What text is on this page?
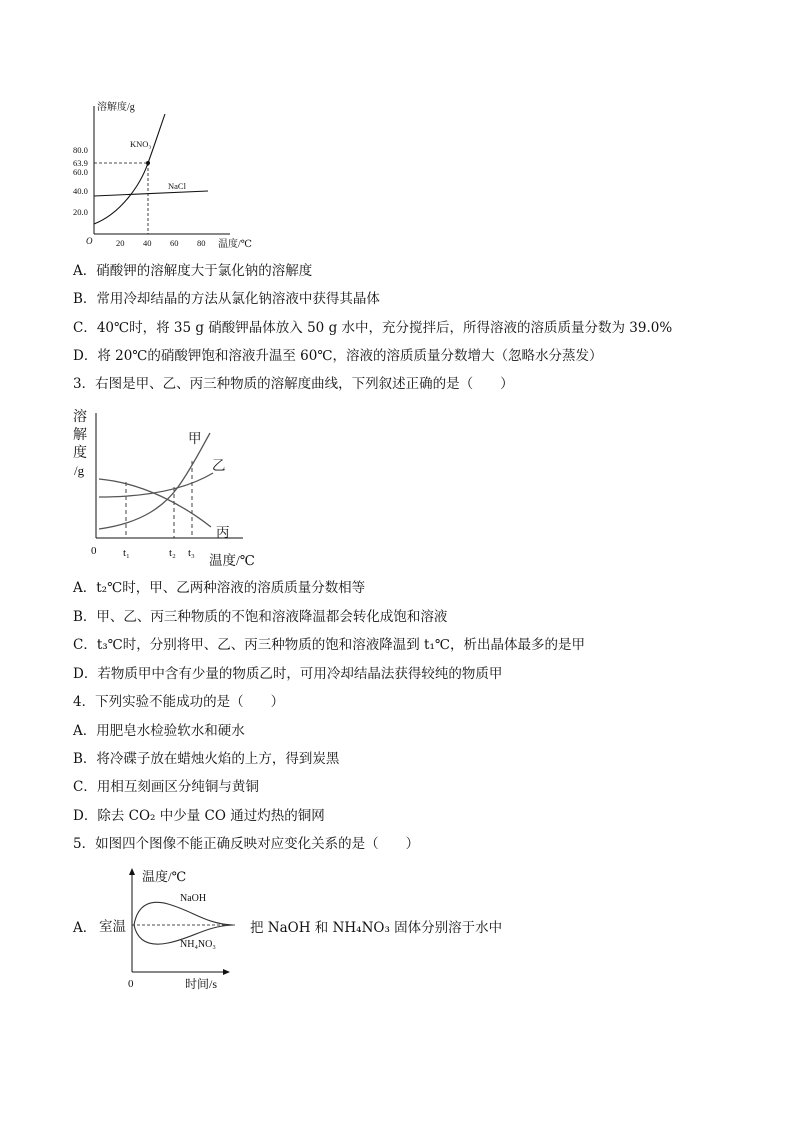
溶解度/g
温度/℃
O	20 40 60 80
80.0
63.9
60.0
40.0
20.0
KNO₃
NaCl
A．硝酸钾的溶解度大于氯化钠的溶解度
B．常用冷却结晶的方法从氯化钠溶液中获得其晶体
C．40℃时，将 35 g 硝酸钾晶体放入 50 g 水中，充分搅拌后，所得溶液的溶质质量分数为 39.0%
D．将 20℃的硝酸钾饱和溶液升温至 60℃，溶液的溶质质量分数增大（忽略水分蒸发）
3．右图是甲、乙、丙三种物质的溶解度曲线，下列叙述正确的是（　　）
溶
解
度
/g
0 t₁	t₂ t₃ 温度/℃
甲
乙
丙
A．t₂℃时，甲、乙两种溶液的溶质质量分数相等
B．甲、乙、丙三种物质的不饱和溶液降温都会转化成饱和溶液
C．t₃℃时，分别将甲、乙、丙三种物质的饱和溶液降温到 t₁℃，析出晶体最多的是甲
D．若物质甲中含有少量的物质乙时，可用冷却结晶法获得较纯的物质甲
4．下列实验不能成功的是（　　）
A．用肥皂水检验软水和硬水
B．将冷碟子放在蜡烛火焰的上方，得到炭黑
C．用相互刻画区分纯铜与黄铜
D．除去 CO₂ 中少量 CO 通过灼热的铜网
5．如图四个图像不能正确反映对应变化关系的是（　　）
A．
温度/℃
时间/s
0
室温
NaOH
NH₄NO₃
把 NaOH 和 NH₄NO₃ 固体分别溶于水中
